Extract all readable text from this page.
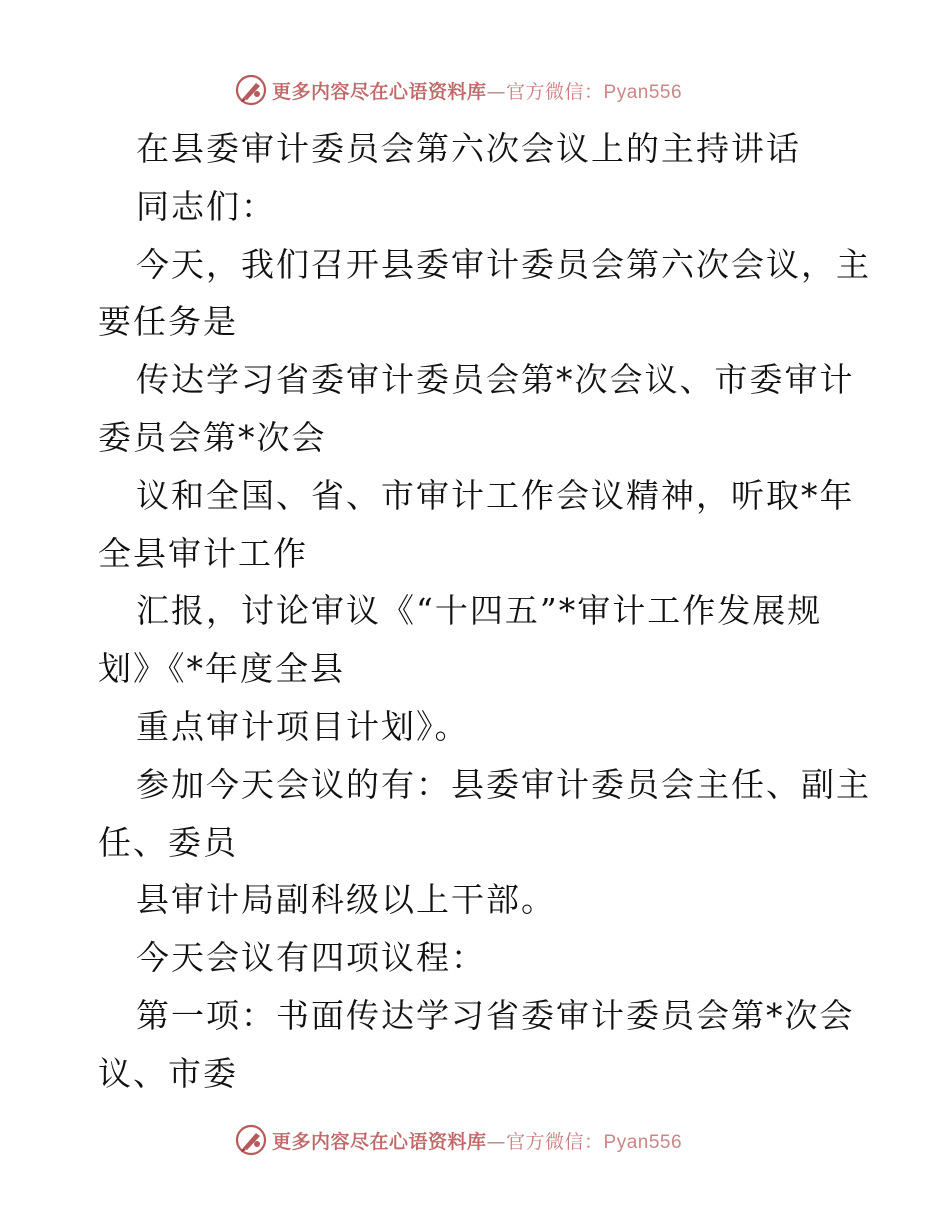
更多内容尽在心语资料库—官方微信：Pyan556
在县委审计委员会第六次会议上的主持讲话
同志们：
今天，我们召开县委审计委员会第六次会议，主
要任务是
传达学习省委审计委员会第*次会议、市委审计
委员会第*次会
议和全国、省、市审计工作会议精神，听取*年
全县审计工作
汇报，讨论审议《“十四五”*审计工作发展规
划》《*年度全县
重点审计项目计划》。
参加今天会议的有：县委审计委员会主任、副主
任、委员
县审计局副科级以上干部。
今天会议有四项议程：
第一项：书面传达学习省委审计委员会第*次会
议、市委
更多内容尽在心语资料库—官方微信：Pyan556
